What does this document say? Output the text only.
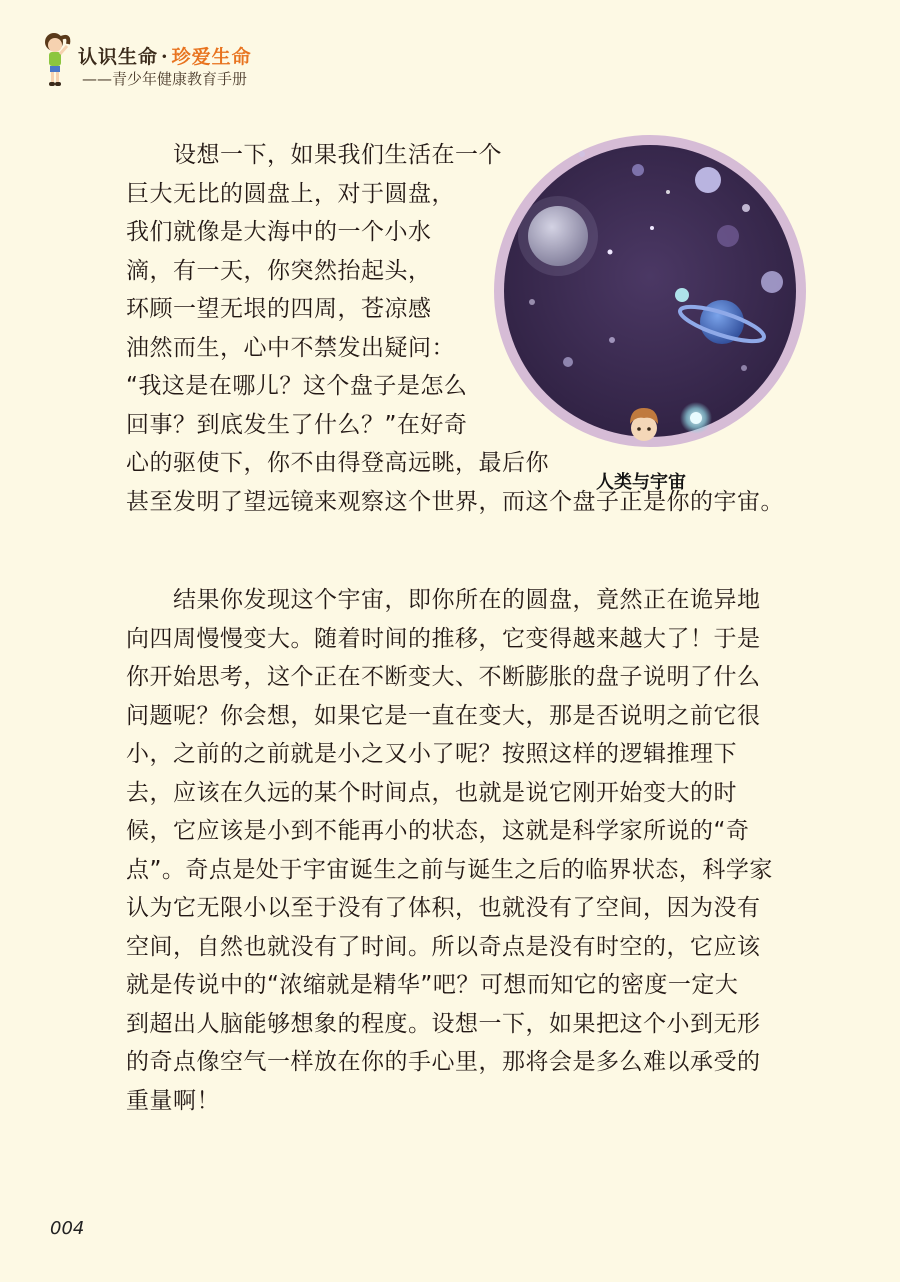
认识生命 · 珍爱生命
——青少年健康教育手册
　　设想一下，如果我们生活在一个
巨大无比的圆盘上，对于圆盘，
我们就像是大海中的一个小水
滴，有一天，你突然抬起头，
环顾一望无垠的四周，苍凉感
油然而生，心中不禁发出疑问：
“我这是在哪儿？这个盘子是怎么
回事？到底发生了什么？”在好奇
心的驱使下，你不由得登高远眺，最后你
甚至发明了望远镜来观察这个世界，而这个盘子正是你的宇宙。
　　结果你发现这个宇宙，即你所在的圆盘，竟然正在诡异地
向四周慢慢变大。随着时间的推移，它变得越来越大了！于是
你开始思考，这个正在不断变大、不断膨胀的盘子说明了什么
问题呢？你会想，如果它是一直在变大，那是否说明之前它很
小，之前的之前就是小之又小了呢？按照这样的逻辑推理下
去，应该在久远的某个时间点，也就是说它刚开始变大的时
候，它应该是小到不能再小的状态，这就是科学家所说的“奇
点”。奇点是处于宇宙诞生之前与诞生之后的临界状态，科学家
认为它无限小以至于没有了体积，也就没有了空间，因为没有
空间，自然也就没有了时间。所以奇点是没有时空的，它应该
就是传说中的“浓缩就是精华”吧？可想而知它的密度一定大
到超出人脑能够想象的程度。设想一下，如果把这个小到无形
的奇点像空气一样放在你的手心里，那将会是多么难以承受的
重量啊！
人类与宇宙
004
